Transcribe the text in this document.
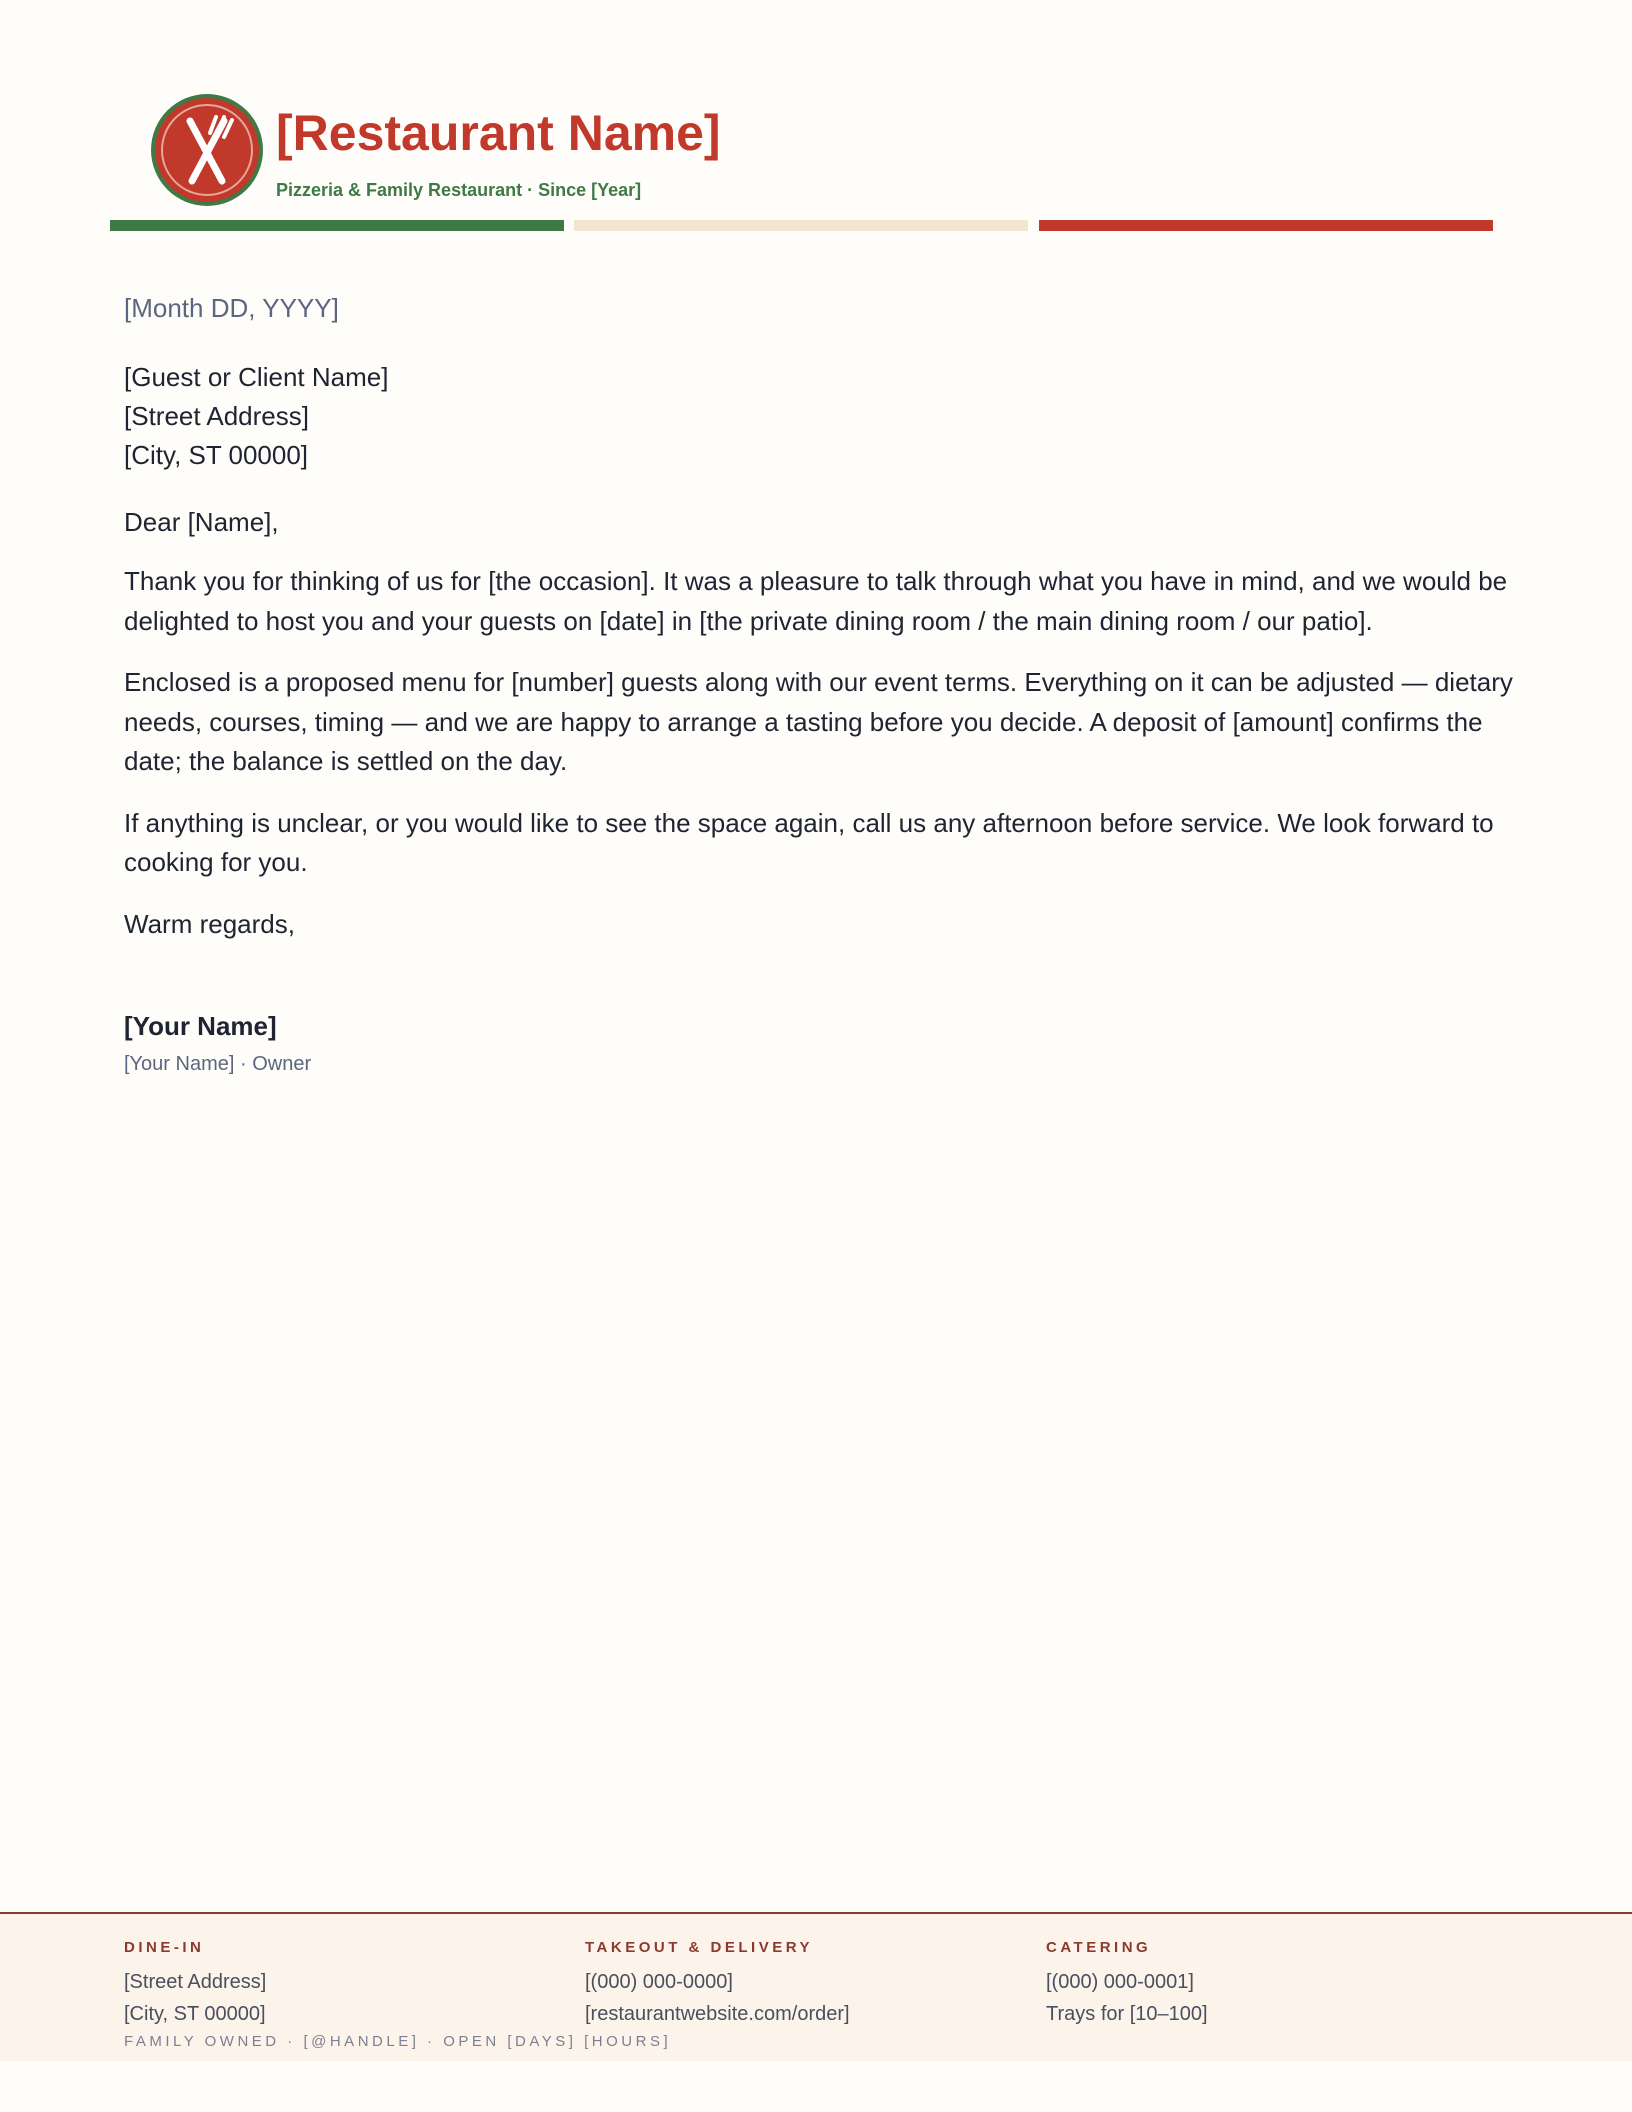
[Restaurant Name]
Pizzeria & Family Restaurant · Since [Year]

[Month DD, YYYY]

[Guest or Client Name]

[Street Address]

[City, ST 00000]

Dear [Name],

Thank you for thinking of us for [the occasion]. It was a pleasure to talk through what you have in mind, and we would be delighted to host you and your guests on [date] in [the private dining room / the main dining room / our patio].

Enclosed is a proposed menu for [number] guests along with our event terms. Everything on it can be adjusted — dietary needs, courses, timing — and we are happy to arrange a tasting before you decide. A deposit of [amount] confirms the date; the balance is settled on the day.

If anything is unclear, or you would like to see the space again, call us any afternoon before service. We look forward to cooking for you.

Warm regards,

[Your Name]

[Your Name] · Owner

DINE-IN

[Street Address]

[City, ST 00000]

TAKEOUT & DELIVERY

[(000) 000-0000]

[restaurantwebsite.com/order]

CATERING

[(000) 000-0001]

Trays for [10–100]

FAMILY OWNED · [@HANDLE] · OPEN [DAYS] [HOURS]
